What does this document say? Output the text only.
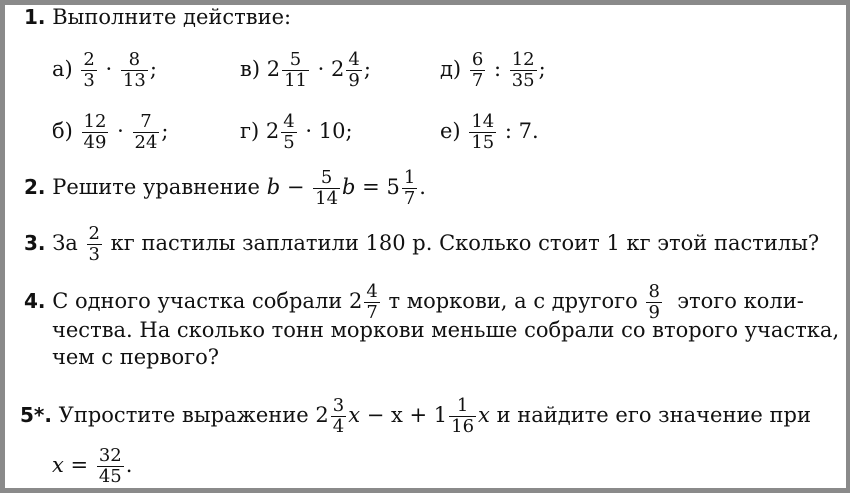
1. Выполните действие:
$а) \frac{2}{3} \cdot \frac{8}{13}$ ;	в) $2 \frac{5}{11} \cdot 2 \frac{4}{9}$ ;	$д) \frac{6}{7}$ : $\frac{12}{35}$ ;
$б) \frac{12}{49} \cdot \frac{7}{24}$ ;	г) $2 \frac{4}{5} \cdot 10$;	$е) \frac{14}{15}$ : 7.
2. Решите уравнение $b - \frac{5}{14}$ $b = 5 \frac{1}{7}$ .
3. За $\frac{2}{3}$ кг пастилы заплатили 180 р. Сколько стоит 1 кг этой пастилы?
4. С одного участка собрали $2 \frac{4}{7}$ т моркови, а с другого $\frac{8}{9}$ этого коли-
чества. На сколько тонн моркови меньше собрали со второго участка,
чем с первого?
5*. Упростите выражение $2 \frac{3}{4}$ $x - x + 1 \frac{1}{16}$ x и найдите его значение при
$x = \frac{32}{45}$ .
